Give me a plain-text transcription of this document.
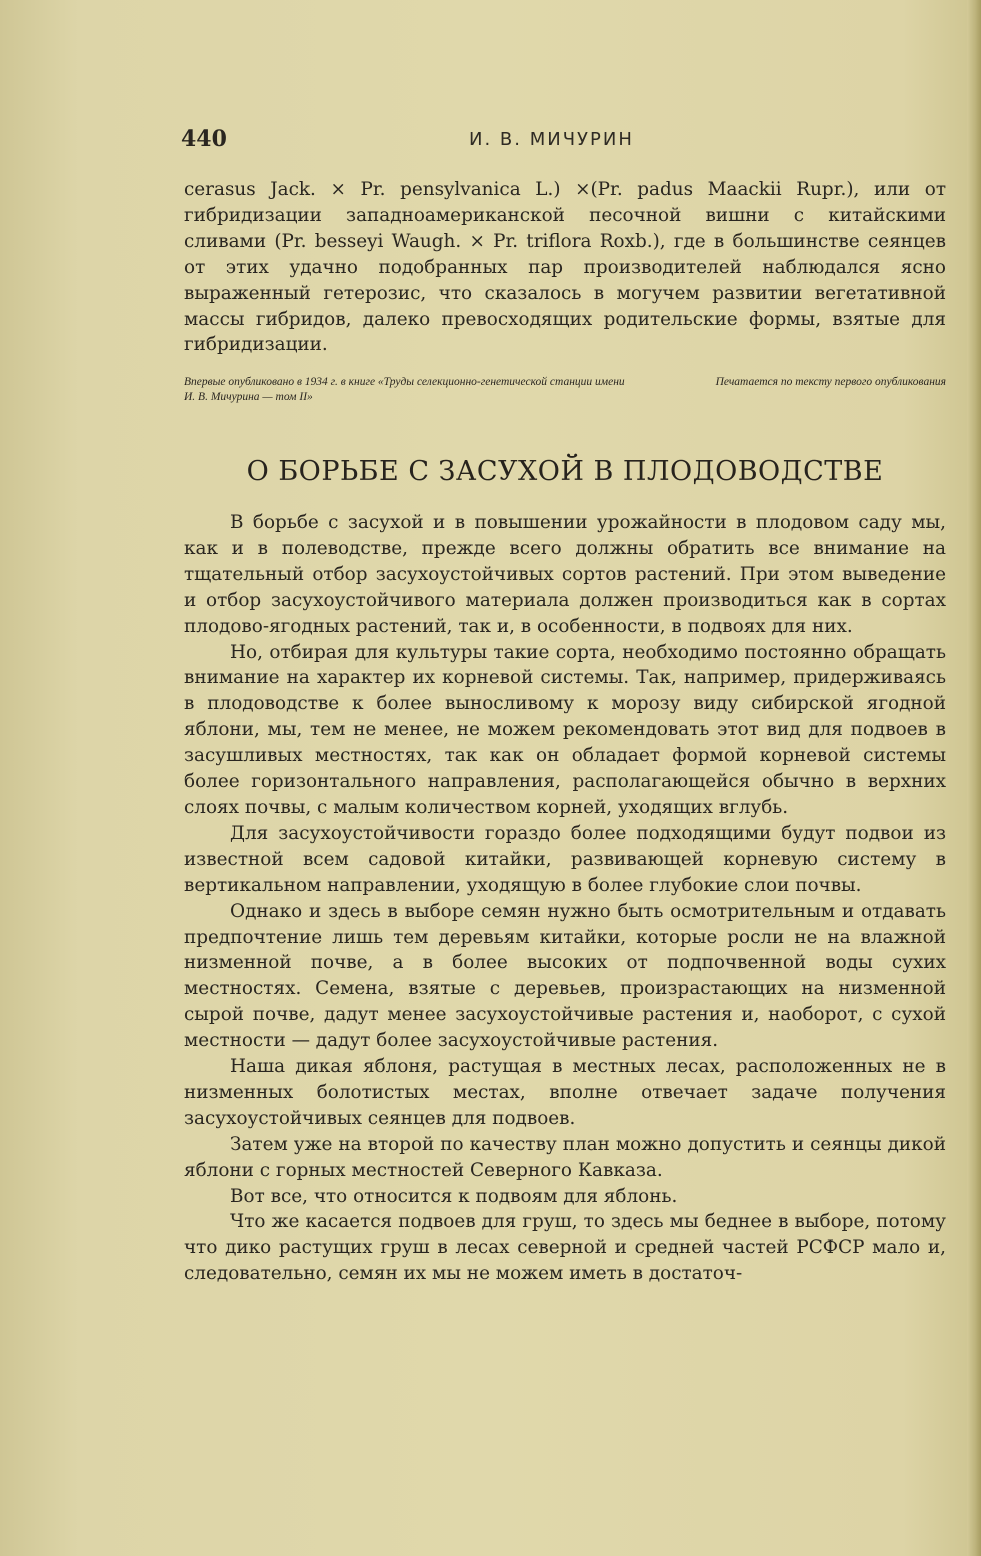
440	И. В. МИЧУРИН

cerasus Jack. × Pr. pensylvanica L.) ×(Pr. padus Maackii Rupr.), или от гибридизации западноамериканской песочной вишни с китайскими сливами (Pr. besseyi Waugh. × Pr. triflora Roxb.), где в большинстве сеянцев от этих удачно подобранных пар производителей наблюдался ясно выраженный гетерозис, что сказалось в могучем развитии вегетативной массы гибридов, далеко превосходящих родительские формы, взятые для гибридизации.

Впервые опубликовано в 1934 г. в книге «Труды селекционно-генетической станции имени И. В. Мичурина — том II»
Печатается по тексту первого опубликования
О БОРЬБЕ С ЗАСУХОЙ В ПЛОДОВОДСТВЕ

В борьбе с засухой и в повышении урожайности в плодовом саду мы, как и в полеводстве, прежде всего должны обратить все внимание на тщательный отбор засухоустойчивых сортов растений. При этом выведение и отбор засухоустойчивого материала должен производиться как в сортах плодово-ягодных растений, так и, в особенности, в подвоях для них.

Но, отбирая для культуры такие сорта, необходимо постоянно обращать внимание на характер их корневой системы. Так, например, придерживаясь в плодоводстве к более выносливому к морозу виду сибирской ягодной яблони, мы, тем не менее, не можем рекомендовать этот вид для подвоев в засушливых местностях, так как он обладает формой корневой системы более горизонтального направления, располагающейся обычно в верхних слоях почвы, с малым количеством корней, уходящих вглубь.

Для засухоустойчивости гораздо более подходящими будут подвои из известной всем садовой китайки, развивающей корневую систему в вертикальном направлении, уходящую в более глубокие слои почвы.

Однако и здесь в выборе семян нужно быть осмотрительным и отдавать предпочтение лишь тем деревьям китайки, которые росли не на влажной низменной почве, а в более высоких от подпочвенной воды сухих местностях. Семена, взятые с деревьев, произрастающих на низменной сырой почве, дадут менее засухоустойчивые растения и, наоборот, с сухой местности — дадут более засухоустойчивые растения.

Наша дикая яблоня, растущая в местных лесах, расположенных не в низменных болотистых местах, вполне отвечает задаче получения засухоустойчивых сеянцев для подвоев.

Затем уже на второй по качеству план можно допустить и сеянцы дикой яблони с горных местностей Северного Кавказа.

Вот все, что относится к подвоям для яблонь.

Что же касается подвоев для груш, то здесь мы беднее в выборе, потому что дико растущих груш в лесах северной и средней частей РСФСР мало и, следовательно, семян их мы не можем иметь в достаточ-
